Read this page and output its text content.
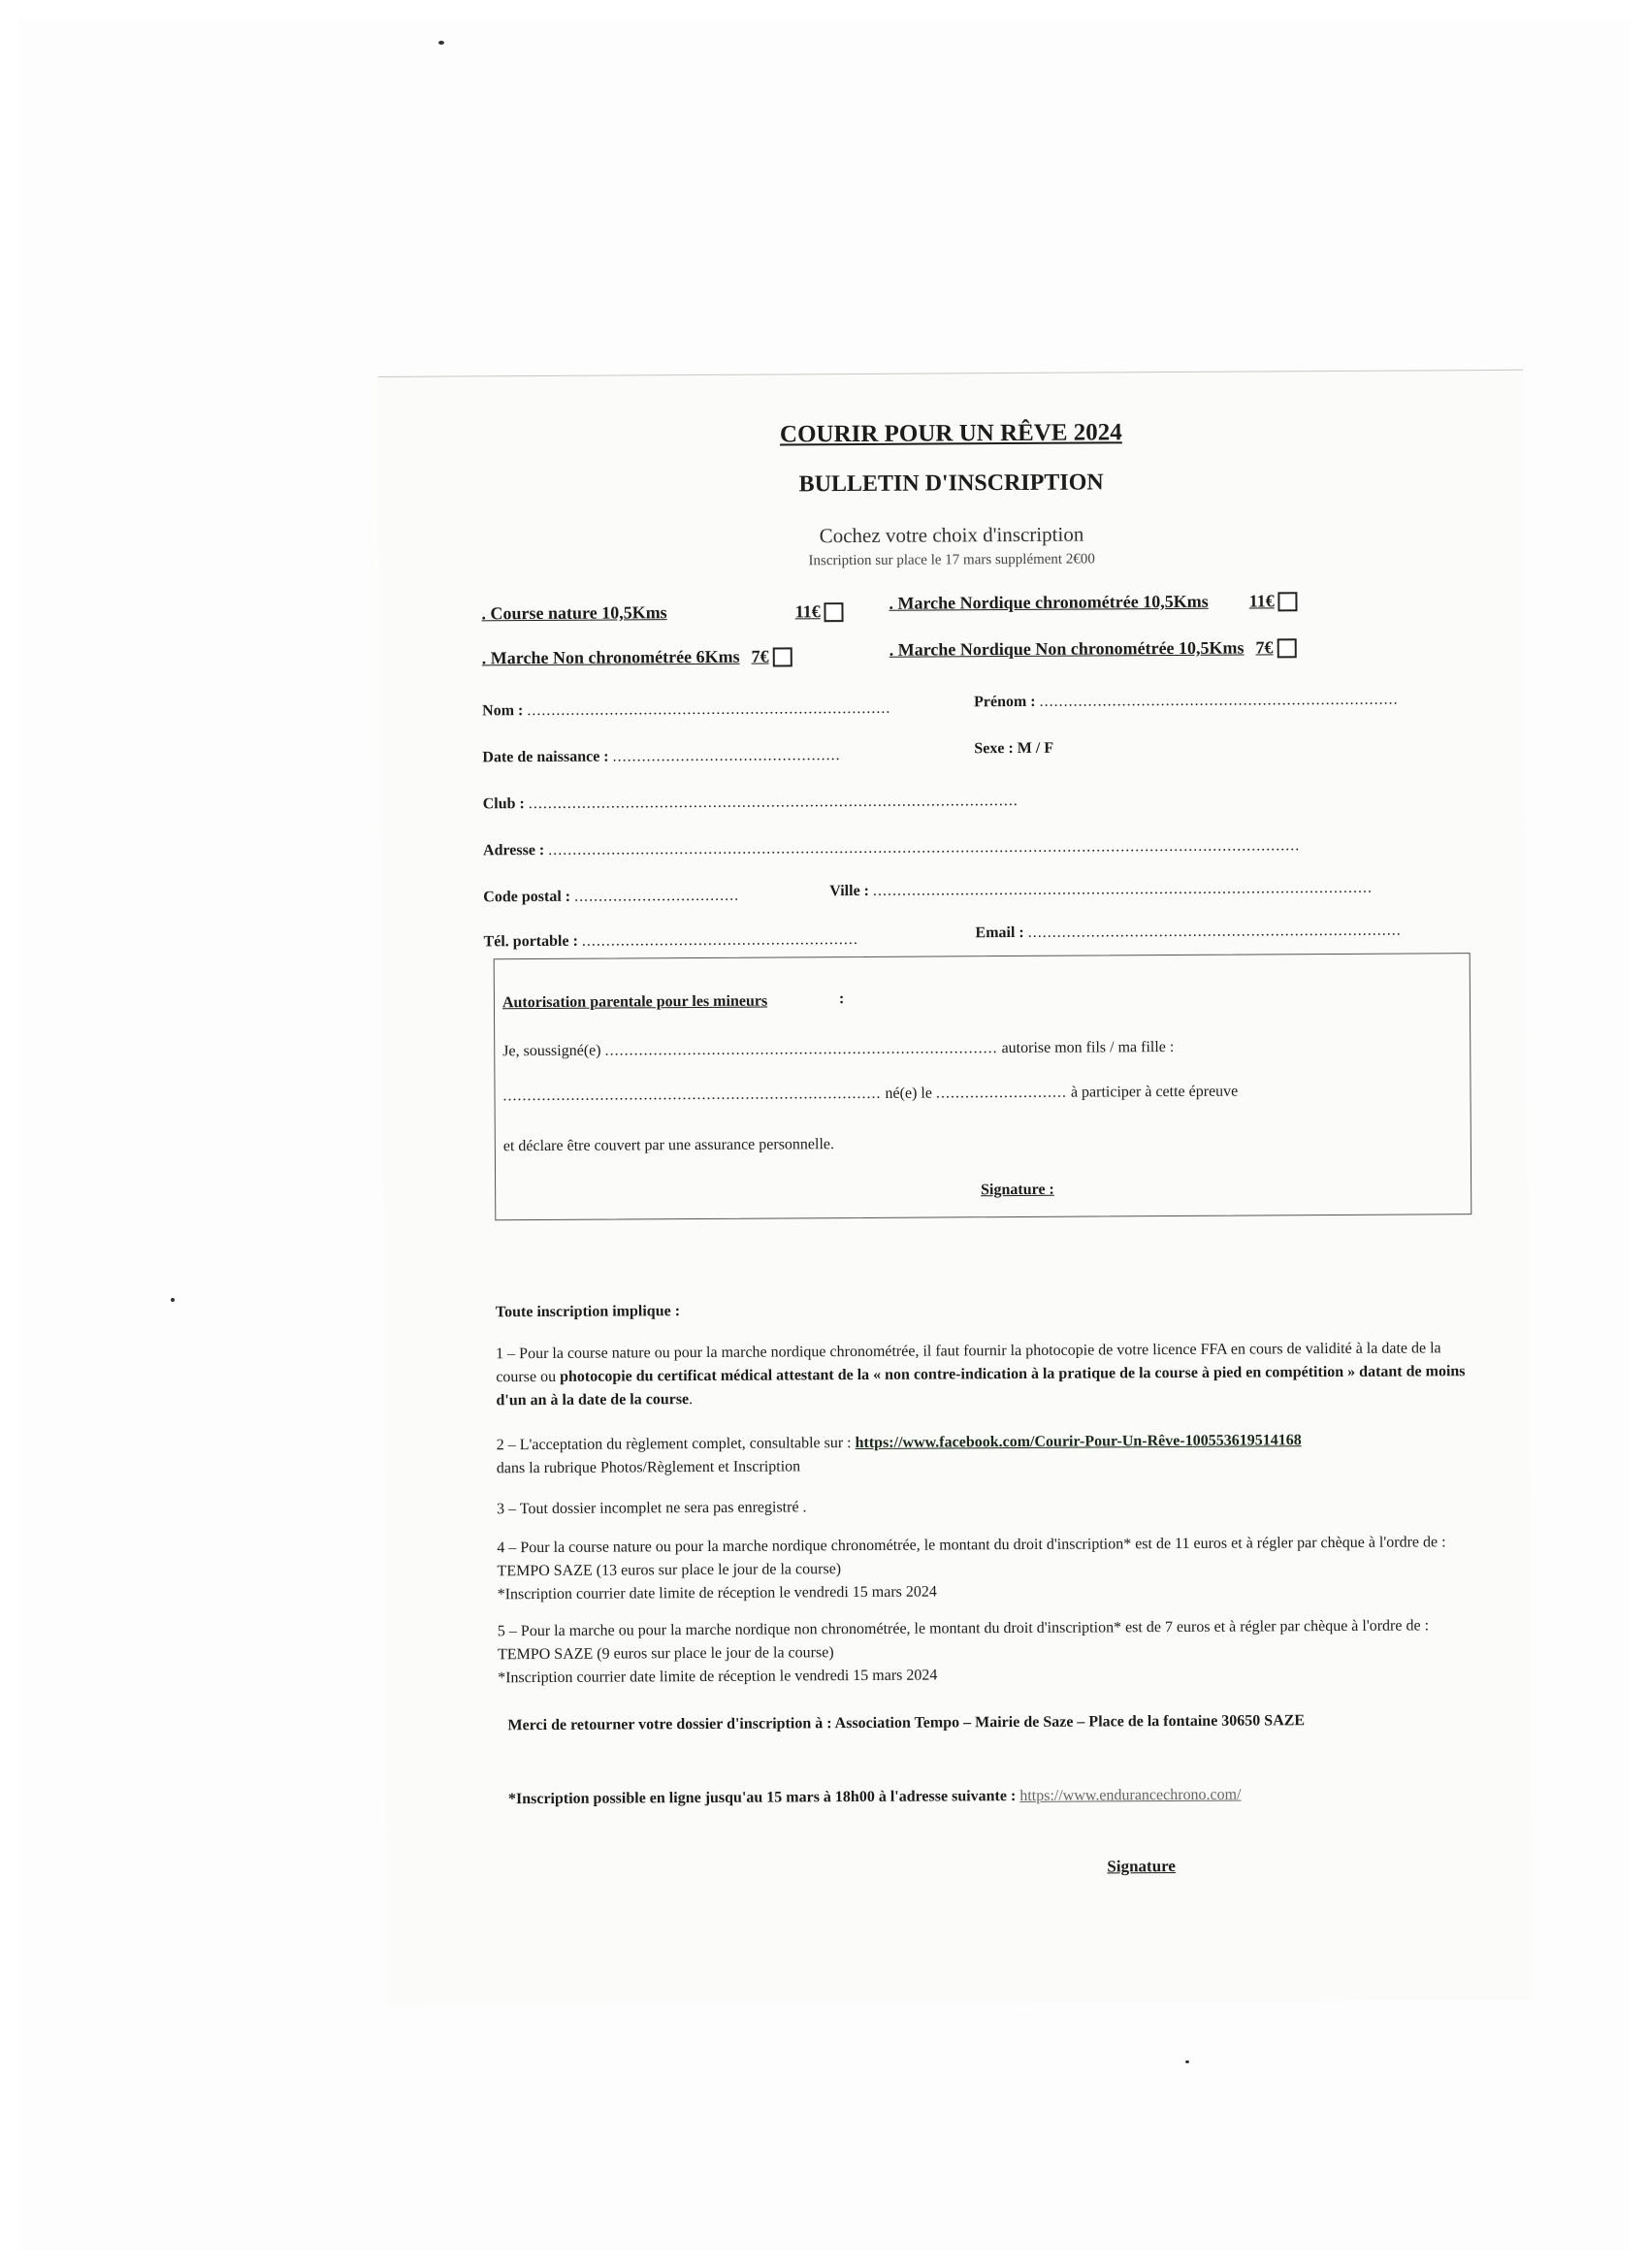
COURIR POUR UN RÊVE 2024
BULLETIN D'INSCRIPTION
Cochez votre choix d'inscription
Inscription sur place le 17 mars supplément 2€00
. Course nature 10,5Kms	11€	. Marche Nordique chronométrée 10,5Kms 11€
. Marche Non chronométrée 6Kms 7€	. Marche Nordique Non chronométrée 10,5Kms 7€
Nom : ...........................................................................	Prénom : ..........................................................................
Date de naissance : ...............................................	Sexe : M / F
Club : .....................................................................................................
Adresse : ...........................................................................................................................................................
Code postal : ..................................	Ville : .......................................................................................................
Tél. portable : .........................................................	Email : .............................................................................
Autorisation parentale pour les mineurs	:
Je, soussigné(e) ................................................................................. autorise mon fils / ma fille :
.............................................................................. né(e) le ........................... à participer à cette épreuve
et déclare être couvert par une assurance personnelle.
Signature :
Toute inscription implique :
1 – Pour la course nature ou pour la marche nordique chronométrée, il faut fournir la photocopie de votre licence FFA en cours de validité à la date de la course ou photocopie du certificat médical attestant de la « non contre-indication à la pratique de la course à pied en compétition » datant de moins d'un an à la date de la course.
2 – L'acceptation du règlement complet, consultable sur : https://www.facebook.com/Courir-Pour-Un-Rêve-100553619514168
dans la rubrique Photos/Règlement et Inscription
3 – Tout dossier incomplet ne sera pas enregistré .
4 – Pour la course nature ou pour la marche nordique chronométrée, le montant du droit d'inscription* est de 11 euros et à régler par chèque à l'ordre de : TEMPO SAZE (13 euros sur place le jour de la course)
*Inscription courrier date limite de réception le vendredi 15 mars 2024
5 – Pour la marche ou pour la marche nordique non chronométrée, le montant du droit d'inscription* est de 7 euros et à régler par chèque à l'ordre de : TEMPO SAZE (9 euros sur place le jour de la course)
*Inscription courrier date limite de réception le vendredi 15 mars 2024
Merci de retourner votre dossier d'inscription à : Association Tempo – Mairie de Saze – Place de la fontaine 30650 SAZE
*Inscription possible en ligne jusqu'au 15 mars à 18h00 à l'adresse suivante : https://www.endurancechrono.com/
Signature
